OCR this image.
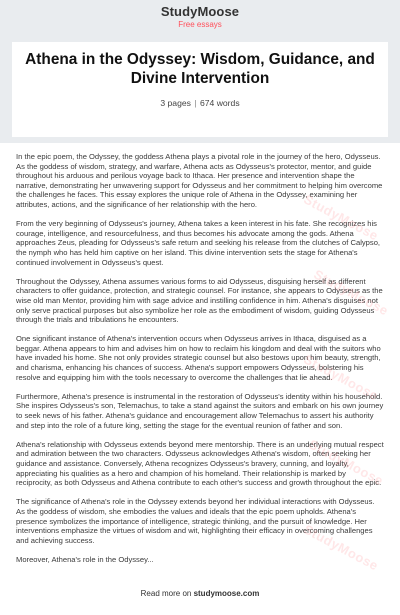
StudyMoose
Free essays
Athena in the Odyssey: Wisdom, Guidance, and Divine Intervention
3 pages | 674 words

In the epic poem, the Odyssey, the goddess Athena plays a pivotal role in the journey of the hero, Odysseus. As the goddess of wisdom, strategy, and warfare, Athena acts as Odysseus's protector, mentor, and guide throughout his arduous and perilous voyage back to Ithaca. Her presence and intervention shape the narrative, demonstrating her unwavering support for Odysseus and her commitment to helping him overcome the challenges he faces. This essay explores the unique role of Athena in the Odyssey, examining her attributes, actions, and the significance of her relationship with the hero.

From the very beginning of Odysseus's journey, Athena takes a keen interest in his fate. She recognizes his courage, intelligence, and resourcefulness, and thus becomes his advocate among the gods. Athena approaches Zeus, pleading for Odysseus's safe return and seeking his release from the clutches of Calypso, the nymph who has held him captive on her island. This divine intervention sets the stage for Athena's continued involvement in Odysseus's quest.

Throughout the Odyssey, Athena assumes various forms to aid Odysseus, disguising herself as different characters to offer guidance, protection, and strategic counsel. For instance, she appears to Odysseus as the wise old man Mentor, providing him with sage advice and instilling confidence in him. Athena's disguises not only serve practical purposes but also symbolize her role as the embodiment of wisdom, guiding Odysseus through the trials and tribulations he encounters.

One significant instance of Athena's intervention occurs when Odysseus arrives in Ithaca, disguised as a beggar. Athena appears to him and advises him on how to reclaim his kingdom and deal with the suitors who have invaded his home. She not only provides strategic counsel but also bestows upon him beauty, strength, and charisma, enhancing his chances of success. Athena's support empowers Odysseus, bolstering his resolve and equipping him with the tools necessary to overcome the challenges that lie ahead.

Furthermore, Athena's presence is instrumental in the restoration of Odysseus's identity within his household. She inspires Odysseus's son, Telemachus, to take a stand against the suitors and embark on his own journey to seek news of his father. Athena's guidance and encouragement allow Telemachus to assert his authority and step into the role of a future king, setting the stage for the eventual reunion of father and son.

Athena's relationship with Odysseus extends beyond mere mentorship. There is an underlying mutual respect and admiration between the two characters. Odysseus acknowledges Athena's wisdom, often seeking her guidance and assistance. Conversely, Athena recognizes Odysseus's bravery, cunning, and loyalty, appreciating his qualities as a hero and champion of his homeland. Their relationship is marked by reciprocity, as both Odysseus and Athena contribute to each other's success and growth throughout the epic.

The significance of Athena's role in the Odyssey extends beyond her individual interactions with Odysseus. As the goddess of wisdom, she embodies the values and ideals that the epic poem upholds. Athena's presence symbolizes the importance of intelligence, strategic thinking, and the pursuit of knowledge. Her interventions emphasize the virtues of wisdom and wit, highlighting their efficacy in overcoming challenges and achieving success.

Moreover, Athena's role in the Odyssey...

StudyMoose
StudyMoose
StudyMoose
StudyMoose
StudyMoose
Read more on studymoose.com
